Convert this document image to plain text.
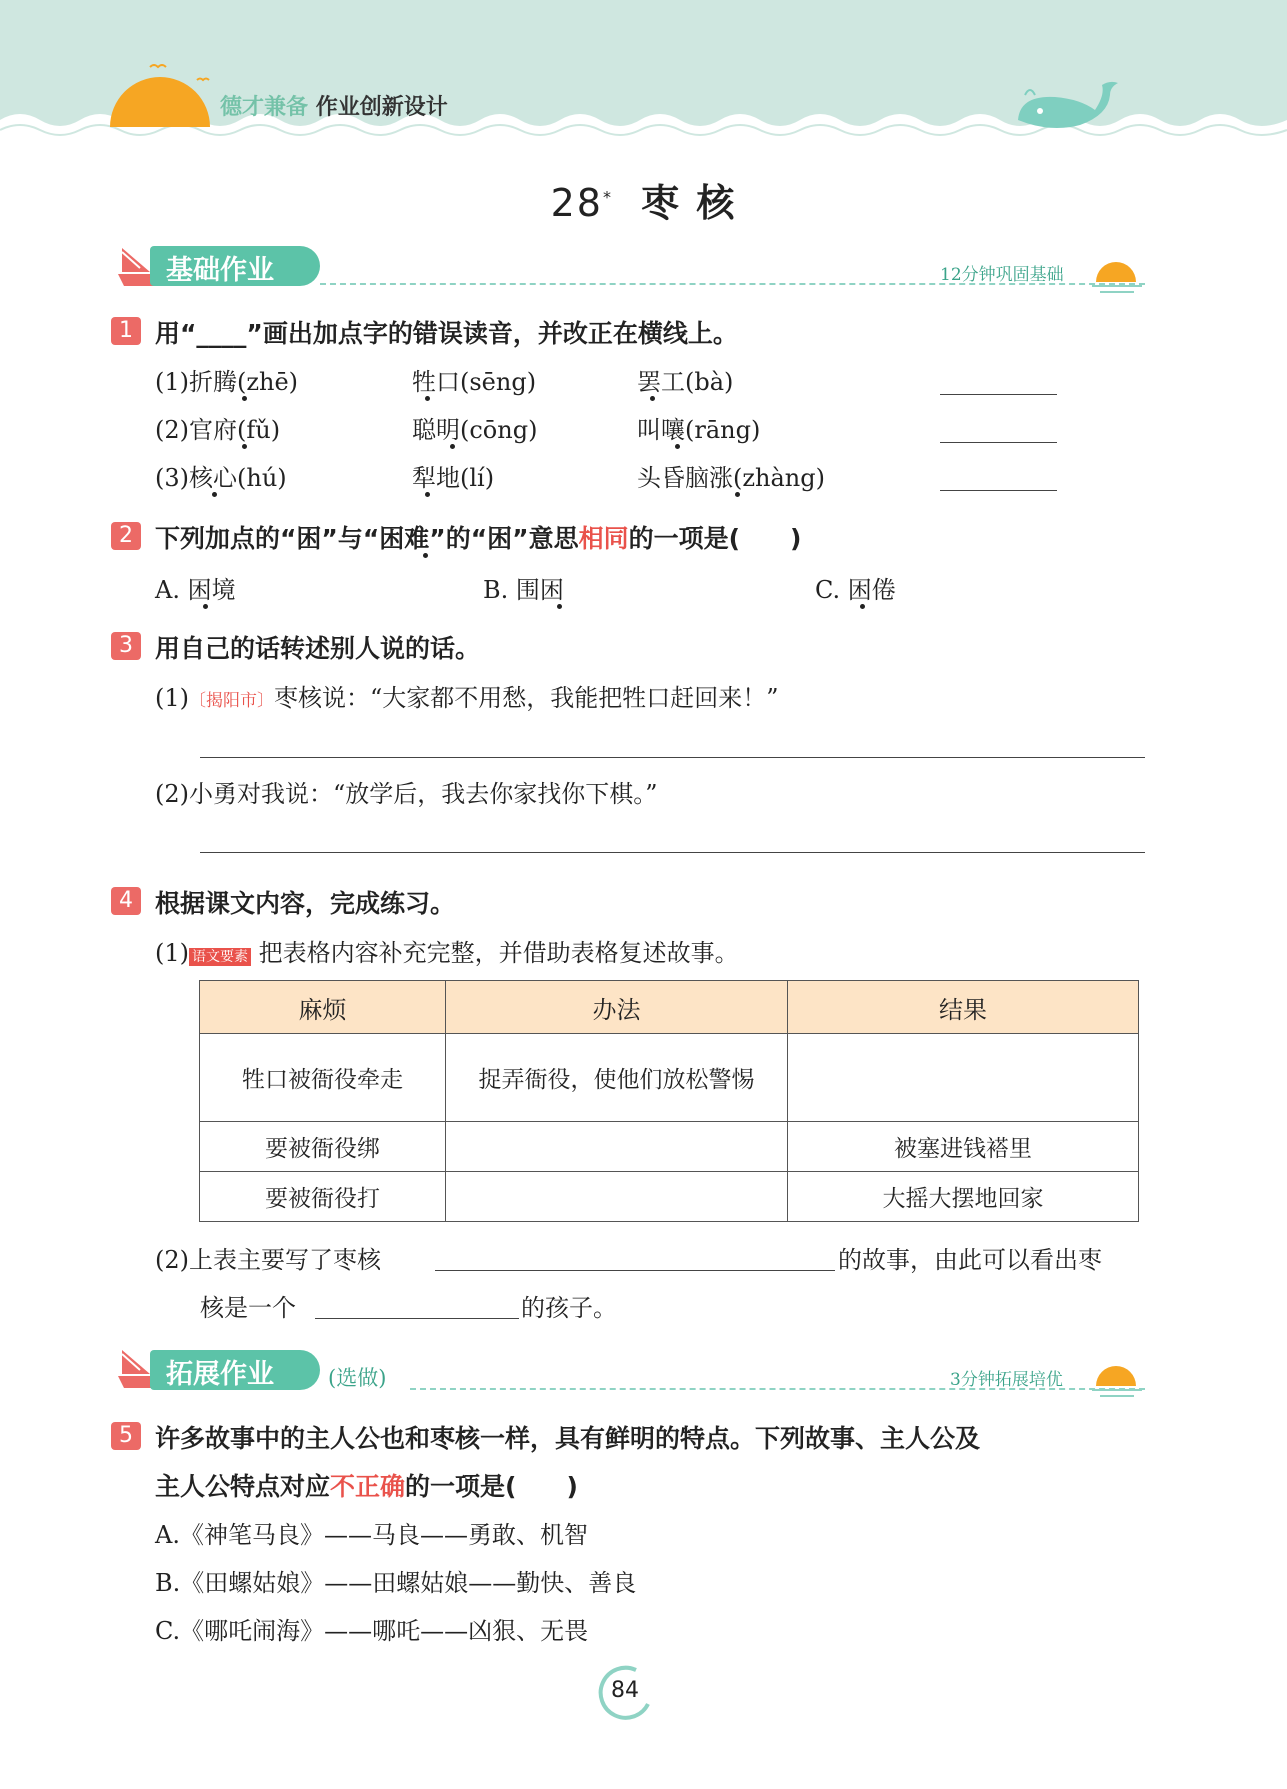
德才兼备 作业创新设计
28* 枣 核
基础作业	12分钟巩固基础
1 用“____”画出加点字的错误读音，并改正在横线上。
(1)折腾(zhē)	牲口(sēng)	罢工(bà)
(2)官府(fǔ)	聪明(cōng)	叫嚷(rāng)
(3)核心(hú)	犁地(lí)	头昏脑涨(zhàng)
2 下列加点的“困”与“困难”的“困”意思相同的一项是(　　)
A. 困境	B. 围困	C. 困倦
3 用自己的话转述别人说的话。
(1)〔揭阳市〕枣核说：“大家都不用愁，我能把牲口赶回来！”
(2)小勇对我说：“放学后，我去你家找你下棋。”
4 根据课文内容，完成练习。
(1) 语文要素 把表格内容补充完整，并借助表格复述故事。
麻烦	办法	结果
牲口被衙役牵走	捉弄衙役，使他们放松警惕	
要被衙役绑		被塞进钱褡里
要被衙役打		大摇大摆地回家
(2)上表主要写了枣核	的故事，由此可以看出枣
核是一个	的孩子。
拓展作业	(选做)	3分钟拓展培优
5 许多故事中的主人公也和枣核一样，具有鲜明的特点。下列故事、主人公及
主人公特点对应不正确的一项是(　　)
A.《神笔马良》——马良——勇敢、机智
B.《田螺姑娘》——田螺姑娘——勤快、善良
C.《哪吒闹海》——哪吒——凶狠、无畏
84
